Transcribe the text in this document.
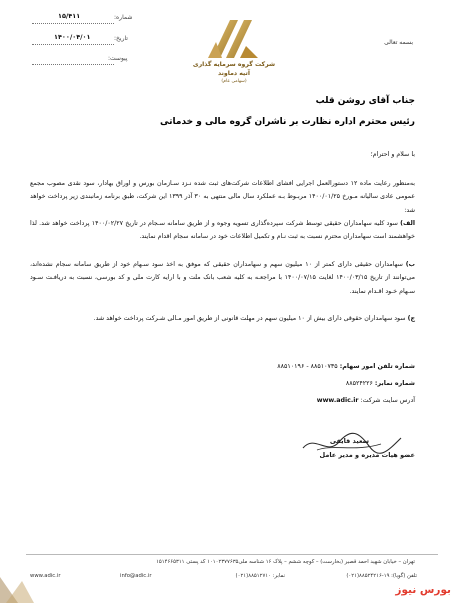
۱۵/۴۱۱	شماره:
۱۴۰۰/۰۴/۰۱	تاریخ:
پیوست:
شرکت گروه سرمایه گذاری
آتیه دماوند
(سهامی عام)
بسمه تعالی
جناب آقای روشن قلب
رئیس محترم اداره نظارت بر ناشران گروه مالی و خدماتی
با سلام و احترام؛
به‌منظور رعایت ماده ۱۲ دستورالعمل اجرایی افشای اطلاعات شرکت‌های ثبت شده نـزد سـازمان بورس و اوراق بهادار، سود نقدی مصوب مجمع عمومی عادی سالیانه مـورخ ۱۴۰۰/۰۱/۲۵ مربـوط بـه عملکرد سال مالی منتهی به ۳۰ آذر ۱۳۹۹ این شرکت، طبق برنامه زمانبندی زیر پرداخت خواهد شد:
الف) سود کلیه سهامداران حقیقی توسط شرکت سپرده‌گذاری تسویه وجوه و از طریق سامانه سـجام در تاریخ ۱۴۰۰/۰۲/۲۷ پرداخت خواهد شد. لذا خواهشمند است سهامداران محترم نسبت به ثبت نـام و تکمیل اطلاعات خود در سامانه سجام اقدام نمایند.
ب) سهامداران حقیقی دارای کمتر از ۱۰ میلیون سهم و سهامداران حقیقی که موفق به اخذ سود سـهام خود از طریق سامانه سجام نشده‌اند، می‌توانند از تاریخ ۱۴۰۰/۰۳/۱۵ لغایت ۱۴۰۰/۰۷/۱۵ با مراجعـه به کلیه شعب بانک ملت و با ارایه کارت ملی و کد بورسی، نسبت به دریافـت سـود سـهام خـود اقـدام نمایند.
ج) سود سهامداران حقوقی دارای بیش از ۱۰ میلیون سهم در مهلت قانونی از طریق امور مـالی شـرکت پرداخت خواهد شد.
شماره تلفن امور سهام: ۸۸۵۱۰۷۳۵ - ۸۸۵۱۰۱۹۶
شماره نمابر: ۸۸۵۲۴۲۲۶
آدرس سایت شرکت: www.adic.ir
سعید قایقی
عضو هیات مدیره و مدیر عامل
تهران – خیابان شهید احمد قصیر (بخارست) – کوچه ششم – پلاک ۱۶ شناسه ملی۱۰۱۰۲۳۷۷۶۳۵ کد پستی ۱۵۱۴۶۶۵۳۱۱
تلفن (گویا): ۱۹-۸۸۵۲۴۲۱۶(۰۲۱)
نمابر: ۸۸۵۱۲۷۱۰(۰۲۱)
info@adic.ir
www.adic.ir
بورس نیوز
